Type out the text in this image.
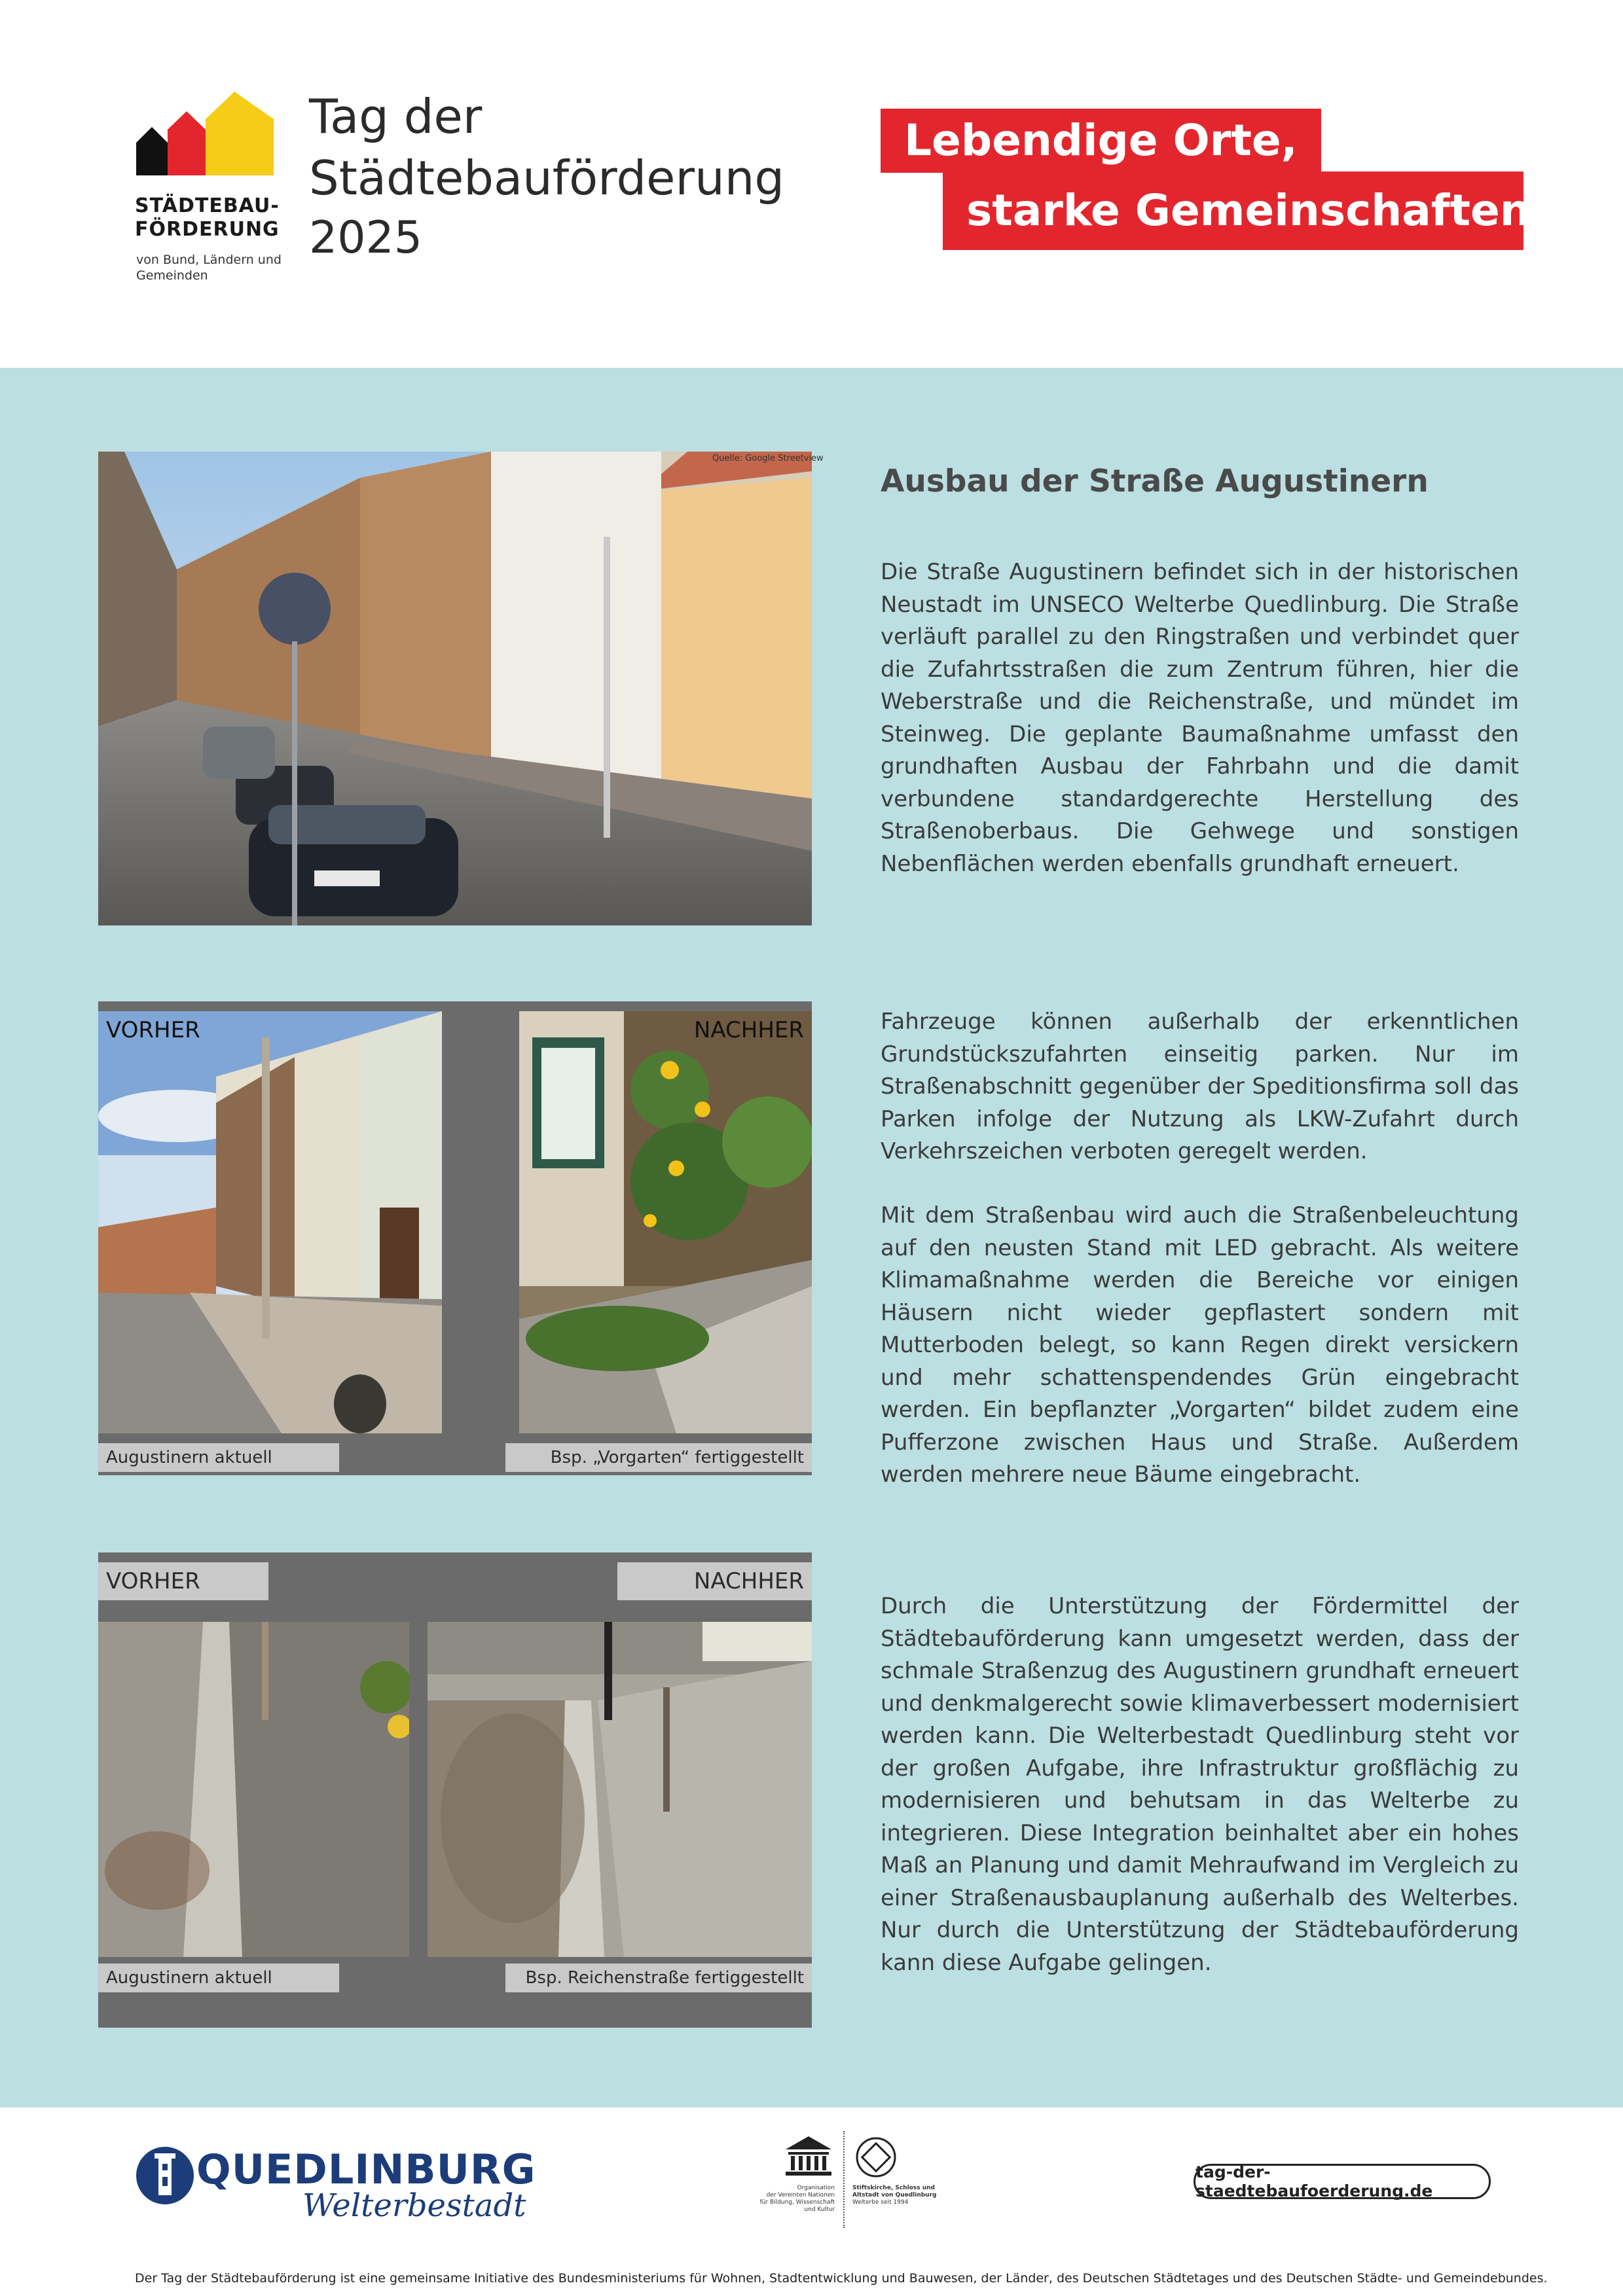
STÄDTEBAU-
FÖRDERUNG
von Bund, Ländern und
Gemeinden
Tag der
Städtebauförderung
2025
Lebendige Orte,
starke Gemeinschaften.
Quelle: Google Streetview
Ausbau der Straße Augustinern
Die Straße Augustinern befindet sich in der historischen Neustadt im UNSECO Welterbe Quedlinburg. Die Straße verläuft parallel zu den Ringstraßen und verbindet quer die Zufahrtsstraßen die zum Zentrum führen, hier die Weberstraße und die Reichenstraße, und mündet im Steinweg. Die geplante Baumaßnahme umfasst den grundhaften Ausbau der Fahrbahn und die damit verbundene standardgerechte Herstellung des Straßenoberbaus. Die Gehwege und sonstigen Nebenflächen werden ebenfalls grundhaft erneuert.
VORHER	NACHHER
Augustinern aktuell	Bsp. „Vorgarten“ fertiggestellt
Fahrzeuge können außerhalb der erkenntlichen Grundstückszufahrten einseitig parken. Nur im Straßenabschnitt gegenüber der Speditionsfirma soll das Parken infolge der Nutzung als LKW-Zufahrt durch Verkehrszeichen verboten geregelt werden.
Mit dem Straßenbau wird auch die Straßenbeleuchtung auf den neusten Stand mit LED gebracht. Als weitere Klimamaßnahme werden die Bereiche vor einigen Häusern nicht wieder gepflastert sondern mit Mutterboden belegt, so kann Regen direkt versickern und mehr schattenspendendes Grün eingebracht werden. Ein bepflanzter „Vorgarten“ bildet zudem eine Pufferzone zwischen Haus und Straße. Außerdem werden mehrere neue Bäume eingebracht.
VORHER	NACHHER
Augustinern aktuell	Bsp. Reichenstraße fertiggestellt
Durch die Unterstützung der Fördermittel der Städtebauförderung kann umgesetzt werden, dass der schmale Straßenzug des Augustinern grundhaft erneuert und denkmalgerecht sowie klimaverbessert modernisiert werden kann. Die Welterbestadt Quedlinburg steht vor der großen Aufgabe, ihre Infrastruktur großflächig zu modernisieren und behutsam in das Welterbe zu integrieren. Diese Integration beinhaltet aber ein hohes Maß an Planung und damit Mehraufwand im Vergleich zu einer Straßenausbauplanung außerhalb des Welterbes. Nur durch die Unterstützung der Städtebauförderung kann diese Aufgabe gelingen.
QUEDLINBURG
Welterbestadt	Organisation
der Vereinten Nationen
für Bildung, Wissenschaft
und Kultur
Stiftskirche, Schloss und
Altstadt von Quedlinburg
Welterbe seit 1994
tag-der-staedtebaufoerderung.de
Der Tag der Städtebauförderung ist eine gemeinsame Initiative des Bundesministeriums für Wohnen, Stadtentwicklung und Bauwesen, der Länder, des Deutschen Städtetages und des Deutschen Städte- und Gemeindebundes.
